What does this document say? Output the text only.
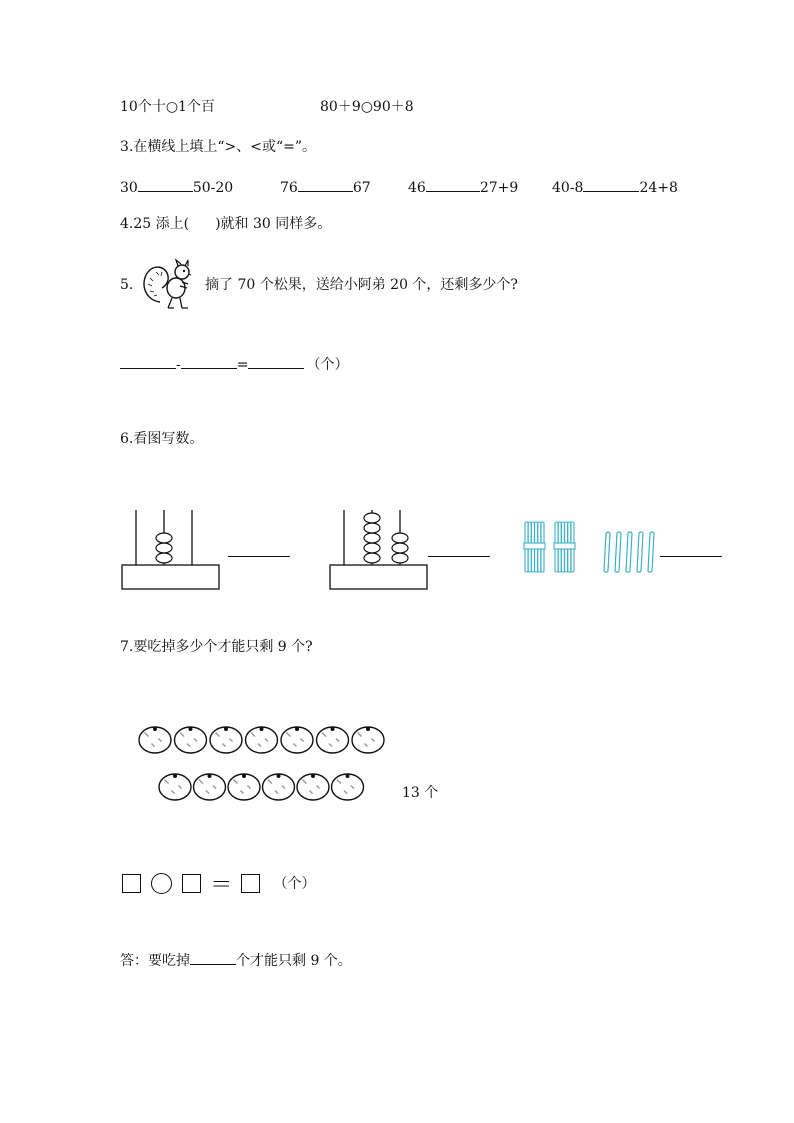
10个十○1个百	80＋9○90＋8
3.在横线上填上“>、<或“=”。
30	50-20	76	67	46	27+9 40-8	24+8
4.25 添上( )就和 30 同样多。
5.	摘了 70 个松果，送给小阿弟 20 个，还剩多少个?
-	=	（个）
6.看图写数。
7.要吃掉多少个才能只剩 9 个?
13 个
＝	（个）
答：要吃掉	个才能只剩 9 个。
